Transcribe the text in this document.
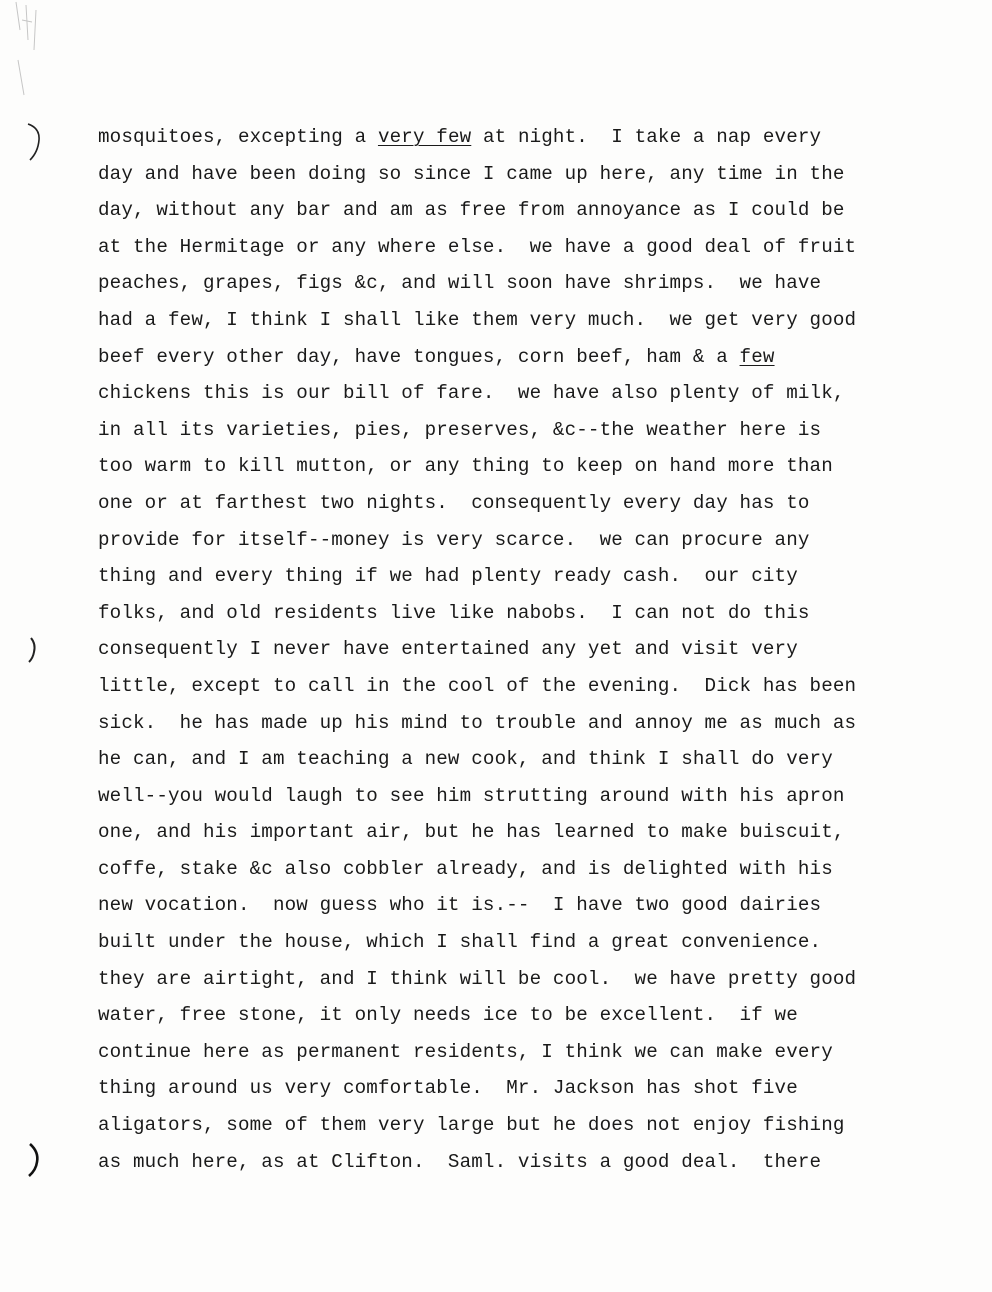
mosquitoes, excepting a very few at night.  I take a nap every
day and have been doing so since I came up here, any time in the
day, without any bar and am as free from annoyance as I could be
at the Hermitage or any where else.  we have a good deal of fruit
peaches, grapes, figs &c, and will soon have shrimps.  we have
had a few, I think I shall like them very much.  we get very good
beef every other day, have tongues, corn beef, ham & a few
chickens this is our bill of fare.  we have also plenty of milk,
in all its varieties, pies, preserves, &c--the weather here is
too warm to kill mutton, or any thing to keep on hand more than
one or at farthest two nights.  consequently every day has to
provide for itself--money is very scarce.  we can procure any
thing and every thing if we had plenty ready cash.  our city
folks, and old residents live like nabobs.  I can not do this
consequently I never have entertained any yet and visit very
little, except to call in the cool of the evening.  Dick has been
sick.  he has made up his mind to trouble and annoy me as much as
he can, and I am teaching a new cook, and think I shall do very
well--you would laugh to see him strutting around with his apron
one, and his important air, but he has learned to make buiscuit,
coffe, stake &c also cobbler already, and is delighted with his
new vocation.  now guess who it is.--  I have two good dairies
built under the house, which I shall find a great convenience.
they are airtight, and I think will be cool.  we have pretty good
water, free stone, it only needs ice to be excellent.  if we
continue here as permanent residents, I think we can make every
thing around us very comfortable.  Mr. Jackson has shot five
aligators, some of them very large but he does not enjoy fishing
as much here, as at Clifton.  Saml. visits a good deal.  there
